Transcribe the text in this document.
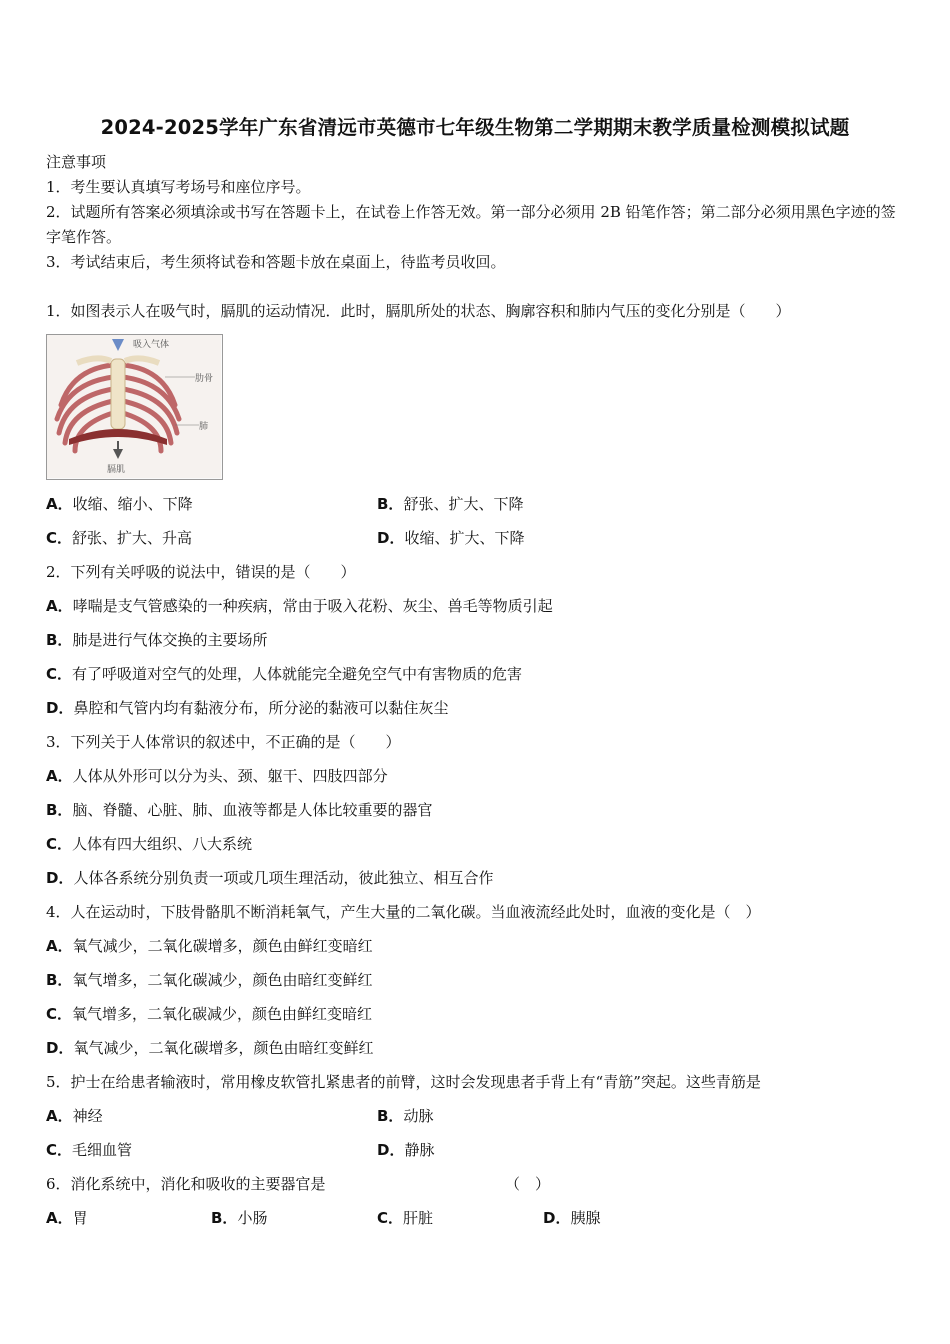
2024-2025学年广东省清远市英德市七年级生物第二学期期末教学质量检测模拟试题
注意事项
1．考生要认真填写考场号和座位序号。
2．试题所有答案必须填涂或书写在答题卡上，在试卷上作答无效。第一部分必须用 2B 铅笔作答；第二部分必须用黑色字迹的签字笔作答。
3．考试结束后，考生须将试卷和答题卡放在桌面上，待监考员收回。
1．如图表示人在吸气时，膈肌的运动情况．此时，膈肌所处的状态、胸廓容积和肺内气压的变化分别是（　　）
吸入气体
肋骨
肺
膈肌
A．收缩、缩小、下降	B．舒张、扩大、下降
C．舒张、扩大、升高	D．收缩、扩大、下降
2．下列有关呼吸的说法中，错误的是（　　）
A．哮喘是支气管感染的一种疾病，常由于吸入花粉、灰尘、兽毛等物质引起
B．肺是进行气体交换的主要场所
C．有了呼吸道对空气的处理，人体就能完全避免空气中有害物质的危害
D．鼻腔和气管内均有黏液分布，所分泌的黏液可以黏住灰尘
3．下列关于人体常识的叙述中，不正确的是（　　）
A．人体从外形可以分为头、颈、躯干、四肢四部分
B．脑、脊髓、心脏、肺、血液等都是人体比较重要的器官
C．人体有四大组织、八大系统
D．人体各系统分别负责一项或几项生理活动，彼此独立、相互合作
4．人在运动时，下肢骨骼肌不断消耗氧气，产生大量的二氧化碳。当血液流经此处时，血液的变化是（　）
A．氧气减少，二氧化碳增多，颜色由鲜红变暗红
B．氧气增多，二氧化碳减少，颜色由暗红变鲜红
C．氧气增多，二氧化碳减少，颜色由鲜红变暗红
D．氧气减少，二氧化碳增多，颜色由暗红变鲜红
5．护士在给患者输液时，常用橡皮软管扎紧患者的前臂，这时会发现患者手背上有“青筋”突起。这些青筋是
A．神经	B．动脉
C．毛细血管	D．静脉
6．消化系统中，消化和吸收的主要器官是	（　）
A．胃	B．小肠	C．肝脏	D．胰腺
